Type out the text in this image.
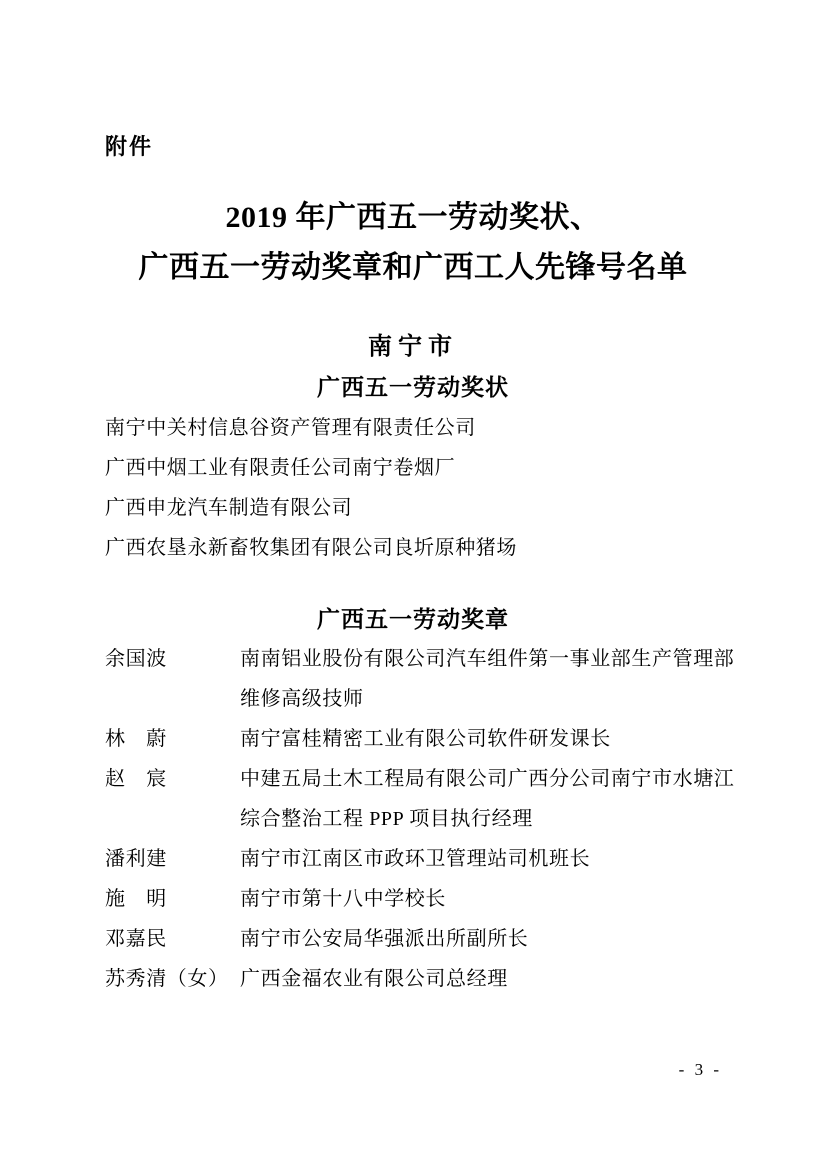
附件
2019 年广西五一劳动奖状、
广西五一劳动奖章和广西工人先锋号名单
南宁市
广西五一劳动奖状
南宁中关村信息谷资产管理有限责任公司
广西中烟工业有限责任公司南宁卷烟厂
广西申龙汽车制造有限公司
广西农垦永新畜牧集团有限公司良圻原种猪场
广西五一劳动奖章
余国波	南南铝业股份有限公司汽车组件第一事业部生产管理部维修高级技师
林　蔚	南宁富桂精密工业有限公司软件研发课长
赵　宸	中建五局土木工程局有限公司广西分公司南宁市水塘江综合整治工程 PPP 项目执行经理
潘利建	南宁市江南区市政环卫管理站司机班长
施　明	南宁市第十八中学校长
邓嘉民	南宁市公安局华强派出所副所长
苏秀清（女） 广西金福农业有限公司总经理
- 3 -
